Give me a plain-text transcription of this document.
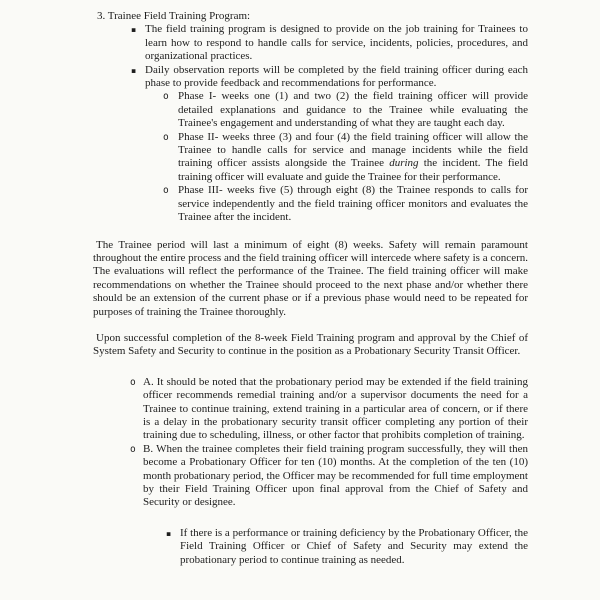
3. Trainee Field Training Program:
▪ The field training program is designed to provide on the job training for Trainees to learn how to respond to handle calls for service, incidents, policies, procedures, and organizational practices.
▪ Daily observation reports will be completed by the field training officer during each phase to provide feedback and recommendations for performance.
o Phase I- weeks one (1) and two (2) the field training officer will provide detailed explanations and guidance to the Trainee while evaluating the Trainee's engagement and understanding of what they are taught each day.
o Phase II- weeks three (3) and four (4) the field training officer will allow the Trainee to handle calls for service and manage incidents while the field training officer assists alongside the Trainee during the incident. The field training officer will evaluate and guide the Trainee for their performance.
o Phase III- weeks five (5) through eight (8) the Trainee responds to calls for service independently and the field training officer monitors and evaluates the Trainee after the incident.
The Trainee period will last a minimum of eight (8) weeks. Safety will remain paramount throughout the entire process and the field training officer will intercede where safety is a concern. The evaluations will reflect the performance of the Trainee. The field training officer will make recommendations on whether the Trainee should proceed to the next phase and/or whether there should be an extension of the current phase or if a previous phase would need to be repeated for purposes of training the Trainee thoroughly.
Upon successful completion of the 8-week Field Training program and approval by the Chief of System Safety and Security to continue in the position as a Probationary Security Transit Officer.
o A. It should be noted that the probationary period may be extended if the field training officer recommends remedial training and/or a supervisor documents the need for a Trainee to continue training, extend training in a particular area of concern, or if there is a delay in the probationary security transit officer completing any portion of their training due to scheduling, illness, or other factor that prohibits completion of training.
o B. When the trainee completes their field training program successfully, they will then become a Probationary Officer for ten (10) months. At the completion of the ten (10) month probationary period, the Officer may be recommended for full time employment by their Field Training Officer upon final approval from the Chief of Safety and Security or designee.
▪ If there is a performance or training deficiency by the Probationary Officer, the Field Training Officer or Chief of Safety and Security may extend the probationary period to continue training as needed.
